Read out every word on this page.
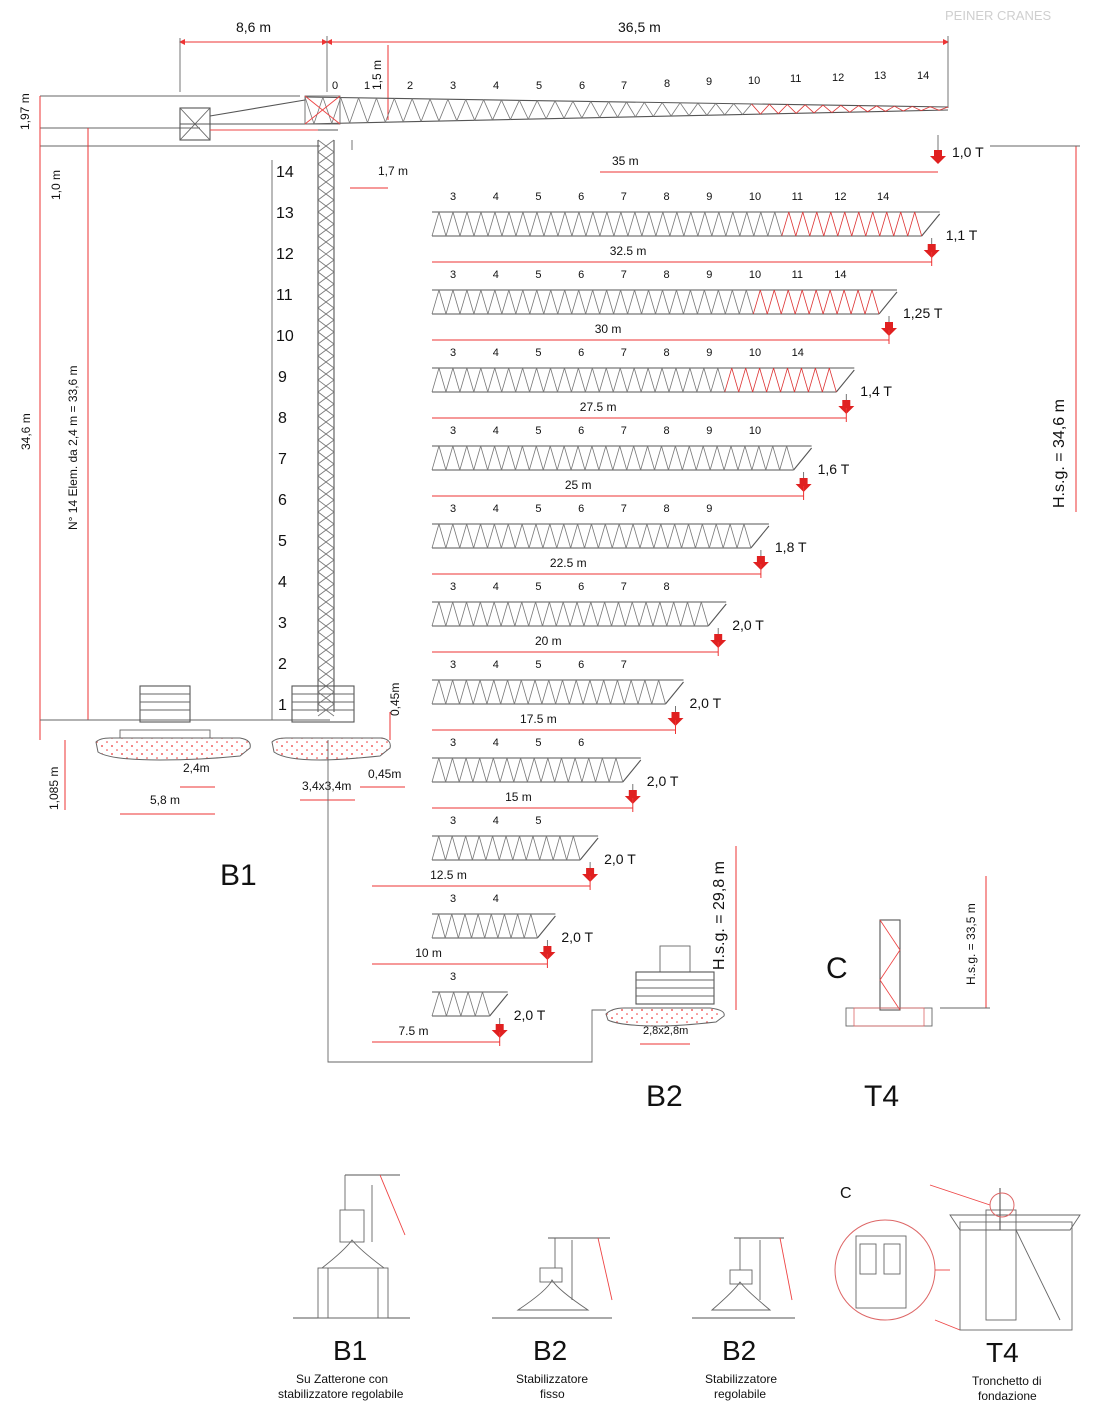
PEINER CRANES
8,6 m	36,5 m
1,5 m
1,97 m
1,0 m
34,6 m	N° 14 Elem. da 2,4 m = 33,6 m
1,085 m
0 1	2	3	4	5	6	7	8	9	10	11	12	13	14
35 m
1,0 T
1,7 m
14
13
12
11
10
9
8
7
6
5
4
3
2
1
2,4m
5,8 m
3,4x3,4m
0,45m
0,45m
B1
2,8x2,8m
H.s.g. = 29,8 m
B2
H.s.g. = 33,5 m
C
T4
H.s.g. = 34,6 m
3	4	5	6	7	8	9	10	11	12	14
1,1 T
32.5 m
3	4	5	6	7	8	9	10	11	14
1,25 T
30 m
3	4	5	6	7	8	9	10	14
1,4 T
27.5 m
3	4	5	6	7	8	9	10
1,6 T
25 m
3	4	5	6	7	8	9
1,8 T
22.5 m
3	4	5	6	7	8
2,0 T
20 m
3	4	5	6	7
2,0 T
17.5 m
3	4	5	6
2,0 T
15 m
3	4	5
2,0 T
12.5 m
3	4
2,0 T
10 m
3
2,0 T
7.5 m
C
B1
Su Zatterone con
stabilizzatore regolabile
B2
Stabilizzatore
fisso
B2
Stabilizzatore
regolabile
T4
Tronchetto di
fondazione
